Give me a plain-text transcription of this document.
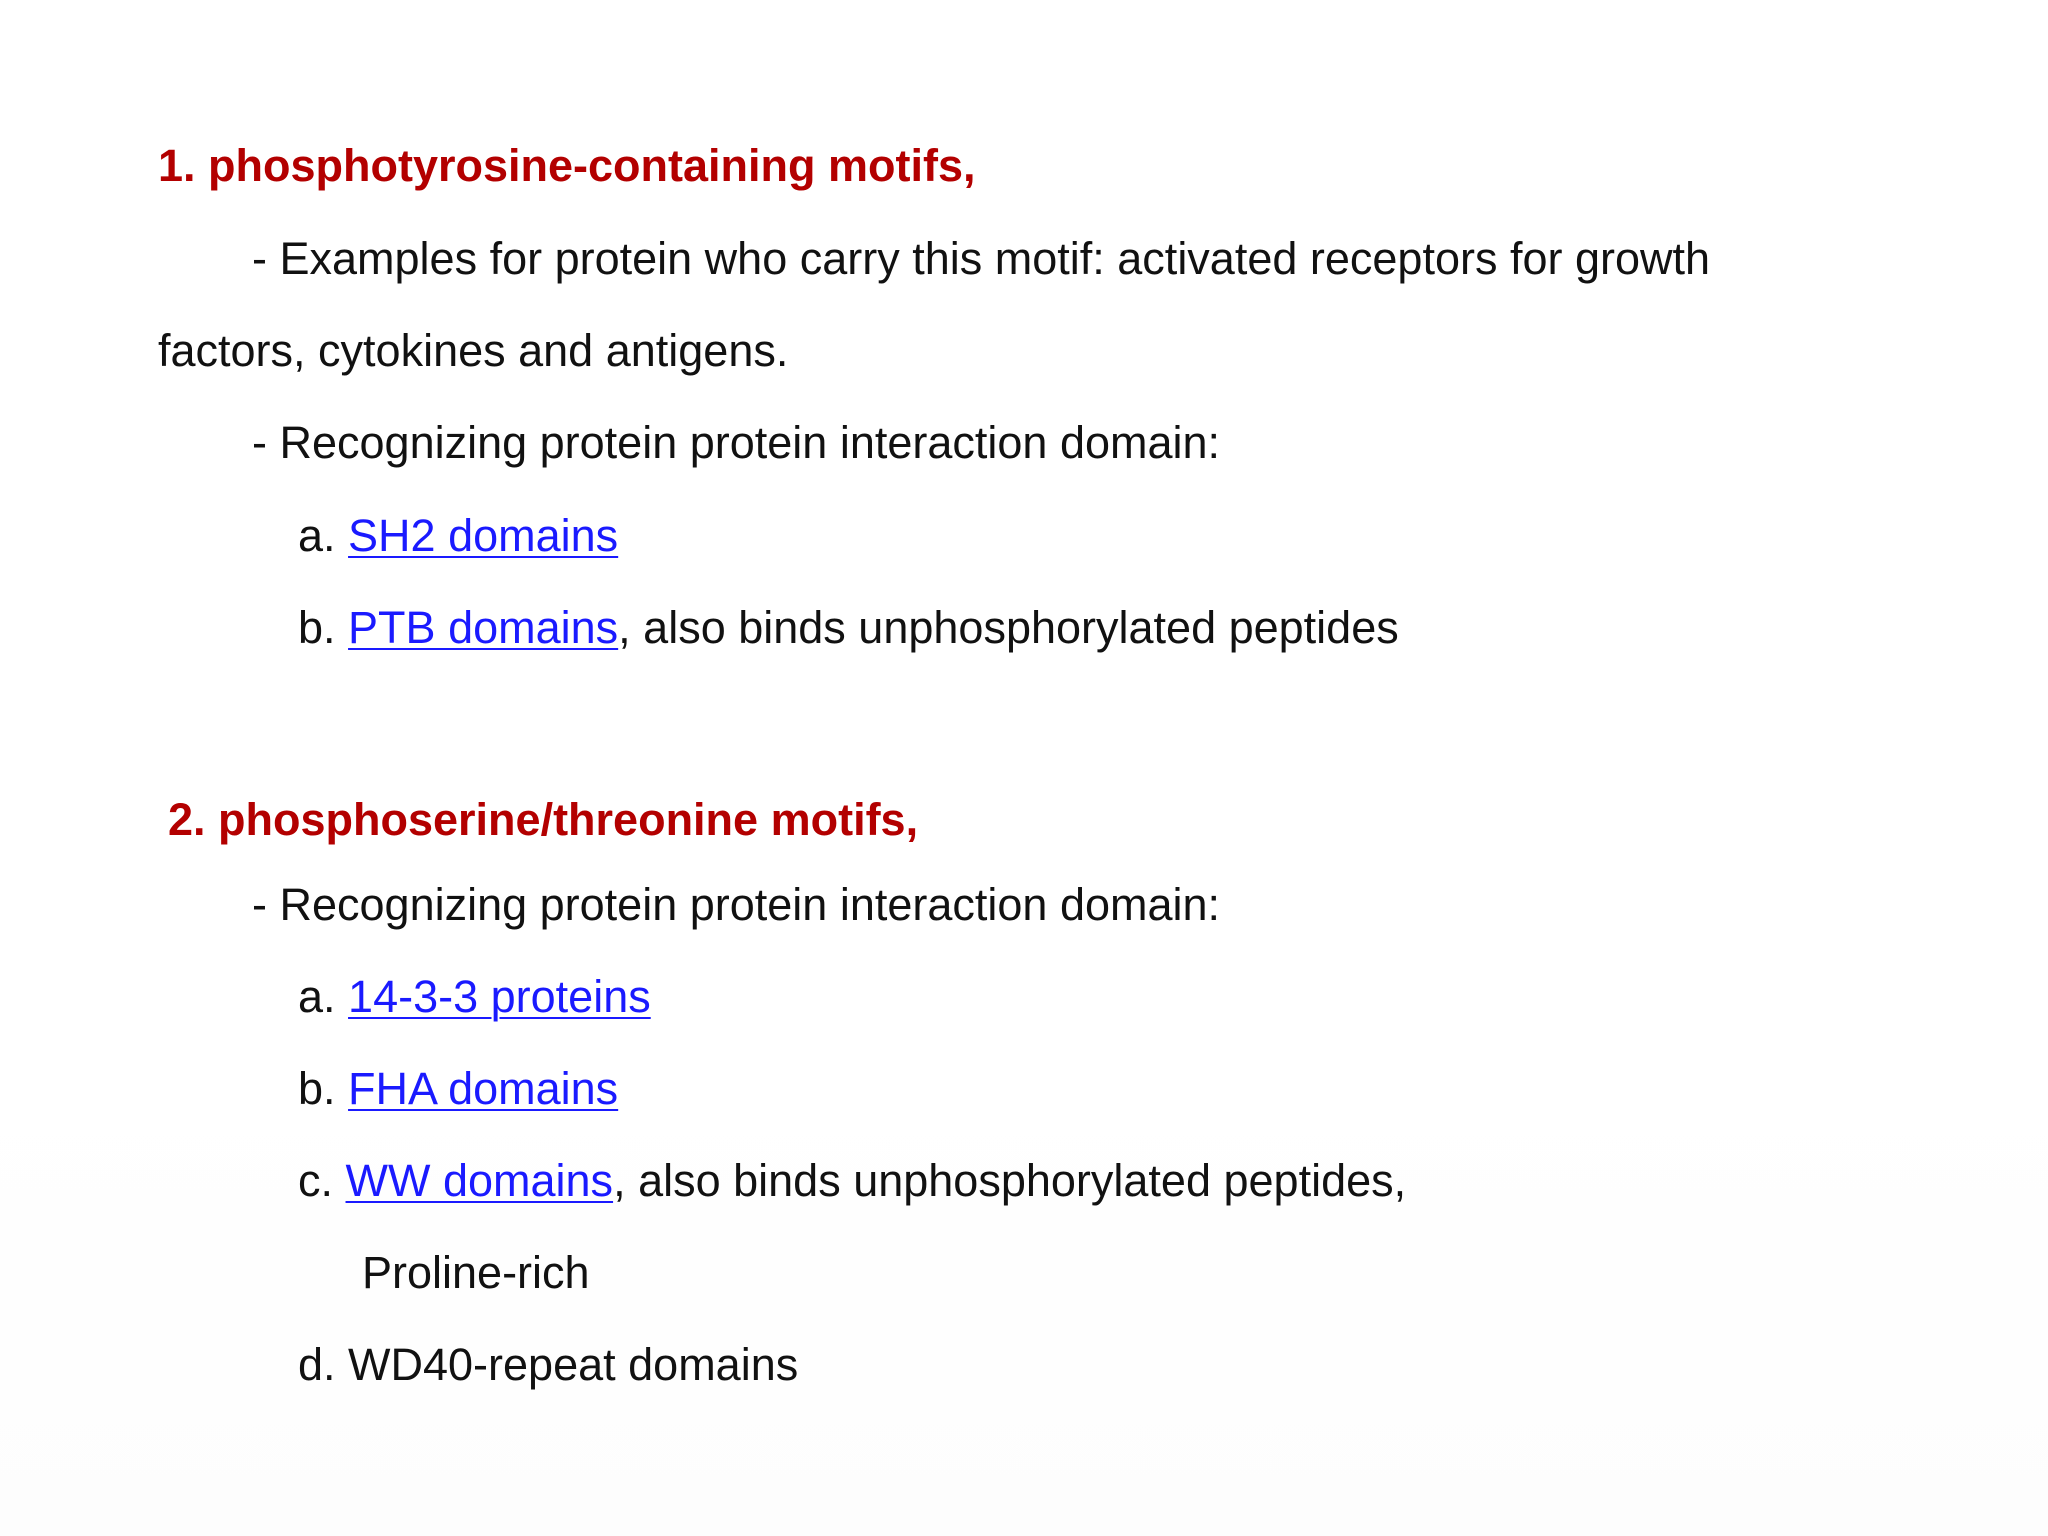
1. phosphotyrosine-containing motifs,
- Examples for protein who carry this motif: activated receptors for growth
factors, cytokines and antigens.
- Recognizing protein protein interaction domain:
a. SH2 domains
b. PTB domains, also binds unphosphorylated peptides
2. phosphoserine/threonine motifs,
- Recognizing protein protein interaction domain:
a. 14-3-3 proteins
b. FHA domains
c. WW domains, also binds unphosphorylated peptides,
Proline-rich
d. WD40-repeat domains
